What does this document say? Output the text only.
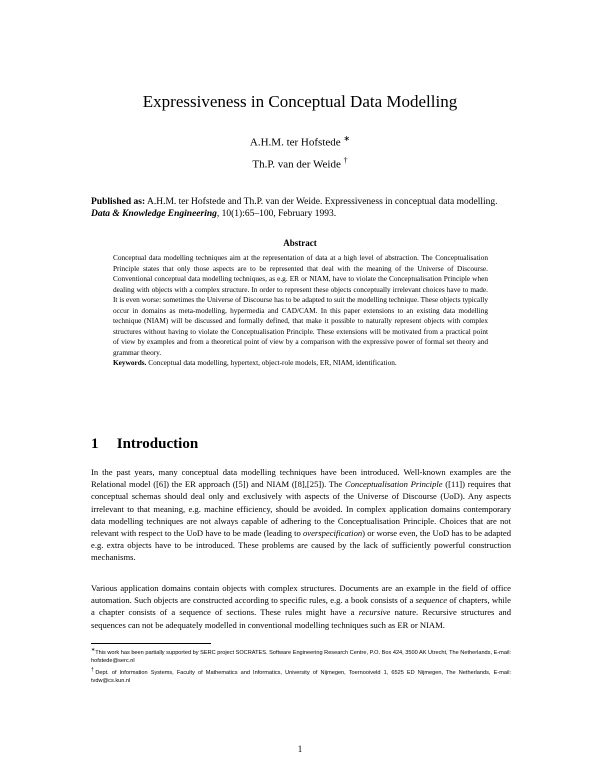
Expressiveness in Conceptual Data Modelling
A.H.M. ter Hofstede ∗
Th.P. van der Weide †
Published as: A.H.M. ter Hofstede and Th.P. van der Weide. Expressiveness in conceptual data modelling. Data & Knowledge Engineering, 10(1):65–100, February 1993.
Abstract
Conceptual data modelling techniques aim at the representation of data at a high level of abstraction. The Conceptualisation Principle states that only those aspects are to be represented that deal with the meaning of the Universe of Discourse. Conventional conceptual data modelling techniques, as e.g. ER or NIAM, have to violate the Conceptualisation Principle when dealing with objects with a complex structure. In order to represent these objects conceptually irrelevant choices have to made. It is even worse: sometimes the Universe of Discourse has to be adapted to suit the modelling technique. These objects typically occur in domains as meta-modelling, hypermedia and CAD/CAM. In this paper extensions to an existing data modelling technique (NIAM) will be discussed and formally defined, that make it possible to naturally represent objects with complex structures without having to violate the Conceptualisation Principle. These extensions will be motivated from a practical point of view by examples and from a theoretical point of view by a comparison with the expressive power of formal set theory and grammar theory.
Keywords. Conceptual data modelling, hypertext, object-role models, ER, NIAM, identification.
1 Introduction
In the past years, many conceptual data modelling techniques have been introduced. Well-known examples are the Relational model ([6]) the ER approach ([5]) and NIAM ([8],[25]). The Conceptualisation Principle ([11]) requires that conceptual schemas should deal only and exclusively with aspects of the Universe of Discourse (UoD). Any aspects irrelevant to that meaning, e.g. machine efficiency, should be avoided. In complex application domains contemporary data modelling techniques are not always capable of adhering to the Conceptualisation Principle. Choices that are not relevant with respect to the UoD have to be made (leading to overspecification) or worse even, the UoD has to be adapted e.g. extra objects have to be introduced. These problems are caused by the lack of sufficiently powerful construction mechanisms.
Various application domains contain objects with complex structures. Documents are an example in the field of office automation. Such objects are constructed according to specific rules, e.g. a book consists of a sequence of chapters, while a chapter consists of a sequence of sections. These rules might have a recursive nature. Recursive structures and sequences can not be adequately modelled in conventional modelling techniques such as ER or NIAM.
∗This work has been partially supported by SERC project SOCRATES. Software Engineering Research Centre, P.O. Box 424, 3500 AK Utrecht, The Netherlands, E-mail: hofstede@serc.nl
†Dept. of Information Systems, Faculty of Mathematics and Informatics, University of Nijmegen, Toernooiveld 1, 6525 ED Nijmegen, The Netherlands, E-mail: tvdw@cs.kun.nl
1
